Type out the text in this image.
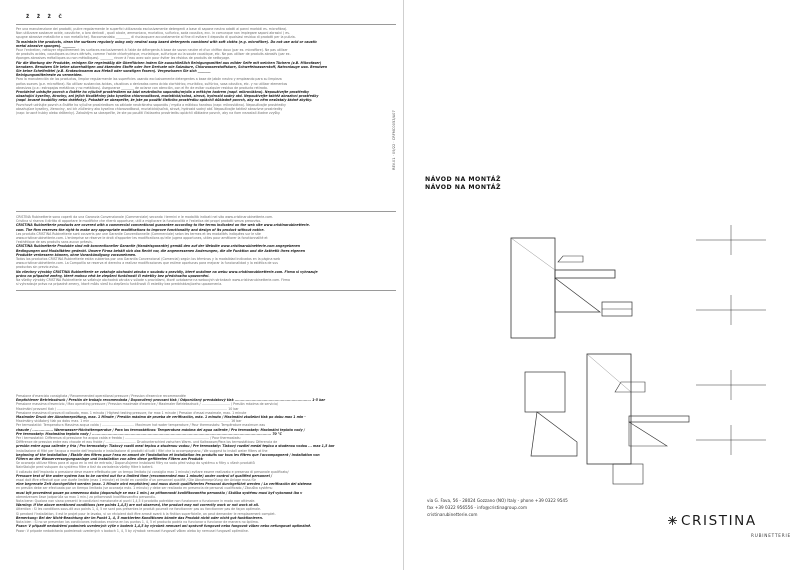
Ž Ž Ž Č
Per una manutenzione dei prodotti, pulire regolarmente le superfici utilizzando esclusivamente detergenti a base di sapone neutro adatti ai panni morbidi es. microfibra).
Non utilizzare sostanze acide, caustiche, o loro derivati , quali alcole, ammoniaca, muriatico, sulfurico, soda caustica, ecc. in comunque non impiegare saponi abrasivi ( es.
spugne abrasive metalliche o non metalliche). Raccomandato _________ di risciacquare accuratamente al fine di evitare il deposito di qualsiasi residuo di prodotti per la pulizia.
To maintain the products, clean the surfaces regularly using only neutral soap based detergents combined with soft cloths (e.g. microfibre). Do not use acid or caustic
metal abrasive sponges). ________
Pour l'entretien, nettoyer régulièrement les surfaces exclusivement à l'aide de détergents à base de savon neutre et d'un chiffon doux (par ex. microfibre). Ne pas utiliser
de produits acides, caustiques ou leurs dérivés, comme l'acide chlorhydrique, muriatique, sulfurique ou la soude caustique, etc. Ne pas utiliser de produits abrasifs (par ex.
éponges abrasives métalliques ou non métalliques). ________ rincer à l'eau avec soin pour éviter les résidus de produits de nettoyage.
Für die Wartung der Produkte, reinigen Sie regelmäßig die Oberflächen indem Sie ausschließlich Reinigungsmittel aus milder Seife mit weichen Tüchern (z.B. Mikrofaser)
benutzen. Benutzen Sie keine säurehaltigen und ätzenden Stoffe oder ihre Derivate wie Salzsäure, Chlorwasserstoffsäure, Schwefelwasserstoff, Natronlauge usw. Benutzen
Sie keine Scheifmittel (z.B. Kratzschwamm aus Metall oder sonstigen Fasern). Vergewissern Sie sich ________
Reinigungsmittelreste zu vermeiden.
Para la manutención de los productos, limpiar regularmente las superficies usando exclusivamente detergentes a base de jabón neutro y empleando para su limpieza
paños suaves (p.e. microfibra). No utilizar sustancias ácidas, cáusticas o derivadas como ácido clorhídrico, muriático, sulfúrico, sosa cáustica, etc. y no utilizar elementos
abrasivos (p.e.: estropajos metálicos y no metálicos). Asegurarse ________ de aclarar con atención, con el fin de evitar cualquier residuo de producto retirado.
Pravidelné udržujte povrch a čistěte ho výlučně prostředkem na bázi neutrálního saponátu/mýdla a měkkým hadrem (např. mikrovlákno). Nepoužívejte prostředky
obsahující kyseliny, žíraviny, ani jejich tlouštěniny jako kyselina chlorovodíková, muriatická/solná, sírová, hydroxid sodný atd. Nepoužívejte taktéž abrazivní prostředky
(např. brusné houbičky nebo drátěnky). Pokaždé se ubezpečte, že jste po použití čisticího prostředku opláchli důkladně povrch, aby na něm nezůstaly žádné zbytky.
Povrchové udržujte povrch a čistěte ho výlučne prostriedkom na základe neutrálneho saponátu / mydla a mäkkou handrou (napr. mikrovlákno). Nepoužívajte prostriedky
obsahujúce kyseliny, žieraviny, ani ich zlúčeniny ako kyselina chlorovodíková, muriatická/soľná, sírová, hydroxid sodný atď. Nepoužívajte taktiež abrazívne prostriedky
(napr. brusné hubky alebo drôtenky). Zakaždým sa ubezpečte, že ste po použití čistiaceho prostriedku opláchli dôkladne povrch, aby na ňom nezostali žiadne zvyšky.
CRISTINA Rubinetterie sono coperti da una Garanzia Convenzionale (Commerciale) secondo i termini e le modalità indicati nel sito www.cristinarubinetterie.com.
Cristina si riserva il diritto di apportare le modifiche che riterrà opportune, utili a migliorare la funzionalità e l'estetica dei propri prodotti senza preavviso.
CRISTINA Rubinetterie products are covered with a commercial conventional guarantee according to the terms indicated on the web site www.cristinarubinetterie.
com. The firm reserves the right to make any appropriate modifications to improve functionality and design of its product without notice.
Les produits CRISTINA Rubinetterie sont couverts par une Garantie Conventionnelle (Commerciale) selon les termes et les modalités indiquées sur le site
www.cristinarubinetterie.com. L'entreprise se réserve le droit d'apporter les modifications qu'elle jugera opportunes, utiles pour améliorer la fonctionnalité et
l'esthétique de ses produits sans aucun préavis.
CRISTINA Rubinetterie Produkte sind mit konventioneller Garantie (Handelsgarantie) gemäß den auf der Website www.cristinarubinetterie.com angegebenen
Bedingungen und Modalitäten gedeckt. Unsere Firma behält sich das Recht vor, die angemessenen Änderungen, die die Funktion und die Ästhetik ihres eigenen
Produkte verbessern können, ohne Vorankündigung vorzunehmen.
Todos los productos CRISTINA Rubinetterie están cubiertos por una Garantía Convencional (Comercial) según los términos y la modalidad indicados en la página web
www.cristinarubinetterie.com. La Compañía se reserva el derecho a realizar modificaciones que estime oportunas para mejorar la funcionalidad y la estética de sus
productos sin previo aviso.
Na všechny výrobky CRISTINA Rubinetterie se vztahuje obchodní záruka v souladu s pravidly, které uvádíme na webu www.cristinarubinetterie.com. Firma si vyhrazuje
právo na případné změny, které mohou vést ke zlepšení funkčnosti či estetiky bez předchozího upozornění.
Na všetky výrobky CRISTINA Rubinetterie sa vzťahuje obchodná záruka v súlade s pravidlami, ktoré uvádzame na webových stránkach www.cristinarubinetterie.com. Firma
si vyhradzuje právo na prípadné zmeny, ktoré môžu viesť ku zlepšeniu funkčnosti či estetiky bez predchádzajúceho upozornenia.
Pressione d'esercizio consigliata / Recommended operational pressure / Pression d'exercice recommandée
Empfohlener Betriebsdruck / Presión de trabajo recomendada / Doporučený provozní tlak / Odporúčaný prevádzkový tlak ............................................................... 1-5 bar
Pressione massima d'esercizio / Max operating pressure / Pression maximale d'exercice / Maximaler Betriebsdruck / ............................ / Presión máxima de servicio/
Maximální provozní tlak / ........................................................................................................................................................................ 10 bar
Pressione massima di prova di collaudo, max. 1 minuto / Highest testing pressure, for max 1 minute / Pression d'essai maximale, max. 1 minute
Maximaler Druck der Abnahmeprüfung, max. 1 Minute / Presión máxima de prueba de verificación, máx. 1 minuto / Maximální zkušební tlak po dobu max 1 min -
Maximálny skúšobný tlak po dobu max. 1 min .......................................................................................................................................... 16 bar
Per termostatici: Temperatura Massima acqua calda / ................................ Maximum hot water temperature / Pour thermostats: Température maximum eau
chaude / ................. Warmwasser-Höchsttemperatur / Para los termostáticos: Temperatura máxima del agua caliente / Pro termostaty: Maximální teplota vody /
Pre termostaty: Maximálna teplota vody / .................................................................................................................................................... 70 °C
Per i termostatici: Differenza di pressione fra acqua calda e fredda / ................................................................................... / Pour thermostats:
Différence de pression entre eau chaude et eau froide / .............................. Druckunterschied zwischen Warm- und Kaltwasser/Para los termostáticos: Diferencia de
presión entre agua caliente y fría / Pro termostaty: Tlakový rozdíl mezi teplou a studenou vodou / Pre termostaty: Tlakový rozdiel medzi teplou a studenou vodou ... max 1,5 bar
Installazione di filtri per l'acqua a monte dell'impianto e installazione di prodotti di tutti i filtri che lo accompagnano / We suggest to install water filters at the
beginning of the installation / Établir des filtres pour l'eau en amont de l'installation et installation les produits sur tous les filtres que l'accompagnent / Installation von
Filtern an der Wasserversorgungsanlage und Installation von allen diese gefilterten Filtern am Produkt:
Se aconseja utilizar filtros para el agua en la red de entrada / Doporučujeme instalovat filtry na vodu před vstup do systému a filtry u všech produktů
Nainštalujte pred vstupom do systému filtre a tiež do zariadenia všetky filtre k baterii.
Il collaudo dell'impianto a pressione deve essere effettuato per un tempo limitato (si consiglia max 1 minuto) evitare essere realizzato e presenza di personale qualificato/
Pressure test of the water system has to be carried out for a limited time (recommended max 1 minute) under control of qualified personnel /
essai doit être effectué que une durée limitée (max 1 minute) et limité en contrôle d'un personnel qualifié / Die Abnahmeprüfung der Anlage muss für
eine begrenzte Zeit durchgeführt werden (max. 1 Minute wird empfohlen) und muss durch qualifiziertes Personal durchgeführt werden / La verificación del sistema
en presión debe ser efectuada por un tiempo limitado (se aconseja máx. 1 minuto) y debe ser realizada en presencia de personal cualificado / Zkouška systému
musí být provedená pouze po omezenou dobu (doporučuje se max 1 min.) za přítomnosti kvalifikovaného personálu / Skúška systému musí byť vykonaná iba v
obmedzenom čase (odporúča sa max 1 min.) za prítomnosti kvalifikovaného personálu.
Nota bene: Qualora non siano presenti le condizioni menzionate ai punti 1,4,5 il prodotto potrebbe non funzionare o funzionare in modo non ottimale.
Warning: If the above mentioned conditions (see points 1,4,5) are not observed, the product may not correctly work or not work at all.
Attention : Si les conditions sous-dit aux points 1, 4, 5 ne sont pas présentes le produit pourrait ne fonctionner pas ou fonctionner pas de façon optimale.
Si pendant l'installation, il est le projet pour le lavabo, vi un récipient doit être arrosé avant à la finition superficielle, on peut demander le remplacement complet.
Bemerkung: Bei der Nicht-Beachtung der im Punkt 1, 4, 5 markierten Konditionen könnte das Produkt nicht oder nicht gut funktionieren.
Nota bien : Si no se presentan las condiciones indicadas encima en los puntos 1, 4, 5 el producto podría no funcionar o funcionar de manera no óptima.
Pozor: V případě nedodržení podmínek uvedených výše v bodech 1,4,5 by výrobek nemusel ani správně fungovat nebo fungovat vůbec nebo nefungovat optimálně.
Pozor: V prípade nedodržania podmienok uvedených v bodoch 1, 4, 5 by výrobok nemusel fungovať vôbec alebo by nemusel fungovať optimálne.
REV.01 · 09/22 · CRFMC0053/A07
NÁVOD NA MONTÁŽ
NÁVOD NA MONTÁŽ
via G. Fava, 56 - 28024 Gozzano (NO) Italy - phone +39 0322 9545
fax +39 0322 956556 - info@cristinagroup.com
cristinarubinetterie.com	CRISTINA
RUBINETTERIE
